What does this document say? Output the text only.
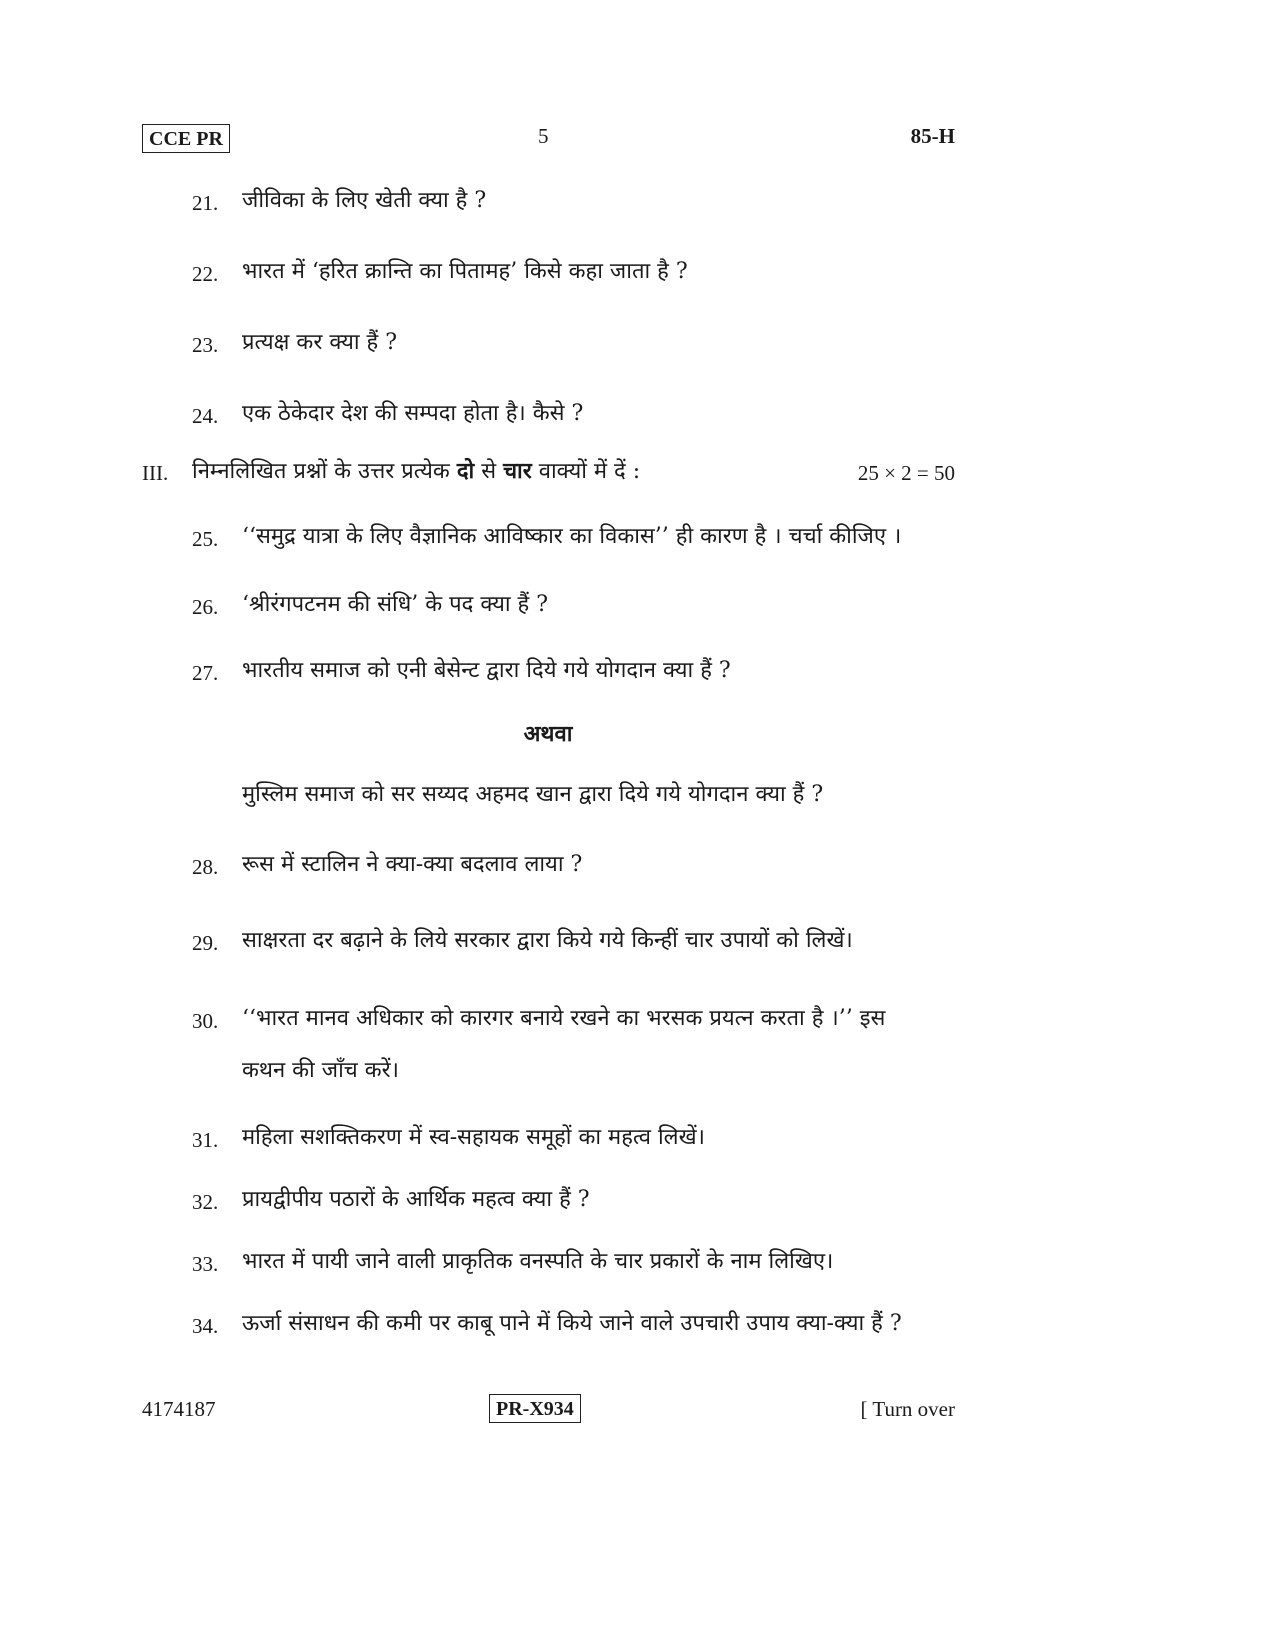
CCE PR	5	85-H
21.	जीविका के लिए खेती क्या है ?
22.	भारत में ‘हरित क्रान्ति का पितामह’ किसे कहा जाता है ?
23.	प्रत्यक्ष कर क्या हैं ?
24.	एक ठेकेदार देश की सम्पदा होता है। कैसे ?
III.	निम्नलिखित प्रश्नों के उत्तर प्रत्येक दो से चार वाक्यों में दें :	25 × 2 = 50
25.	‘‘समुद्र यात्रा के लिए वैज्ञानिक आविष्कार का विकास’’ ही कारण है । चर्चा कीजिए ।
26.	‘श्रीरंगपटनम की संधि’ के पद क्या हैं ?
27.	भारतीय समाज को एनी बेसेन्ट द्वारा दिये गये योगदान क्या हैं ?
अथवा
मुस्लिम समाज को सर सय्यद अहमद खान द्वारा दिये गये योगदान क्या हैं ?
28.	रूस में स्टालिन ने क्या-क्या बदलाव लाया ?
29.	साक्षरता दर बढ़ाने के लिये सरकार द्वारा किये गये किन्हीं चार उपायों को लिखें।
30.	‘‘भारत मानव अधिकार को कारगर बनाये रखने का भरसक प्रयत्न करता है ।’’ इस
कथन की जाँच करें।
31.	महिला सशक्तिकरण में स्व-सहायक समूहों का महत्व लिखें।
32.	प्रायद्वीपीय पठारों के आर्थिक महत्व क्या हैं ?
33.	भारत में पायी जाने वाली प्राकृतिक वनस्पति के चार प्रकारों के नाम लिखिए।
34.	ऊर्जा संसाधन की कमी पर काबू पाने में किये जाने वाले उपचारी उपाय क्या-क्या हैं ?
4174187	PR-X934	[ Turn over
